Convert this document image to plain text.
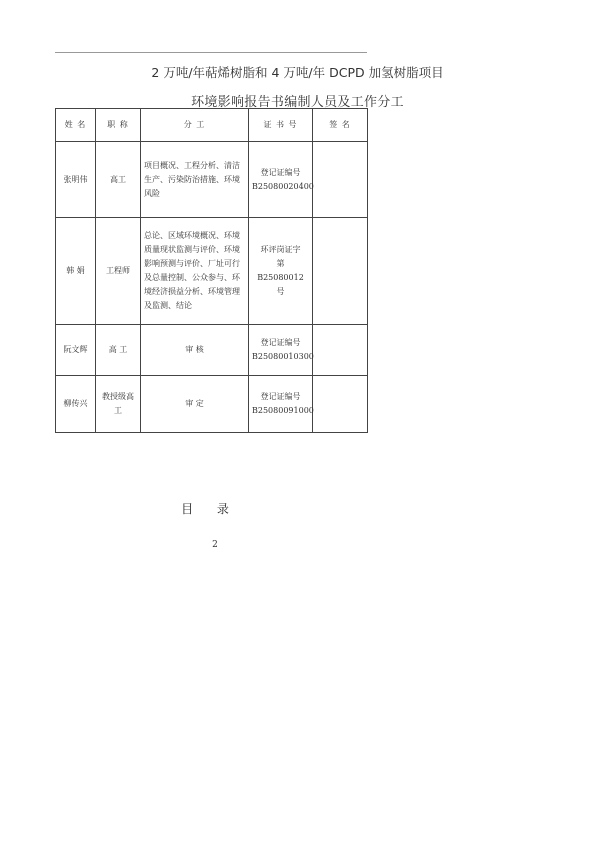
2 万吨/年萜烯树脂和 4 万吨/年 DCPD 加氢树脂项目
环境影响报告书编制人员及工作分工
姓 名	职 称	分 工	证 书 号	签 名
张明伟	高工	项目概况、工程分析、清洁生产、污染防治措施、环境风险	登记证编号
B25080020400	

韩 娟	工程师	总论、区域环境概况、环境质量现状监测与评价、环境影响预测与评价、厂址可行及总量控制、公众参与、环境经济损益分析、环境管理及监测、结论	环评岗证字
第 B25080012 号	

阮文辉	高 工	审 核	登记证编号
B25080010300	

柳传兴	教授级高工	审 定	登记证编号
B25080091000	

目 录
2
